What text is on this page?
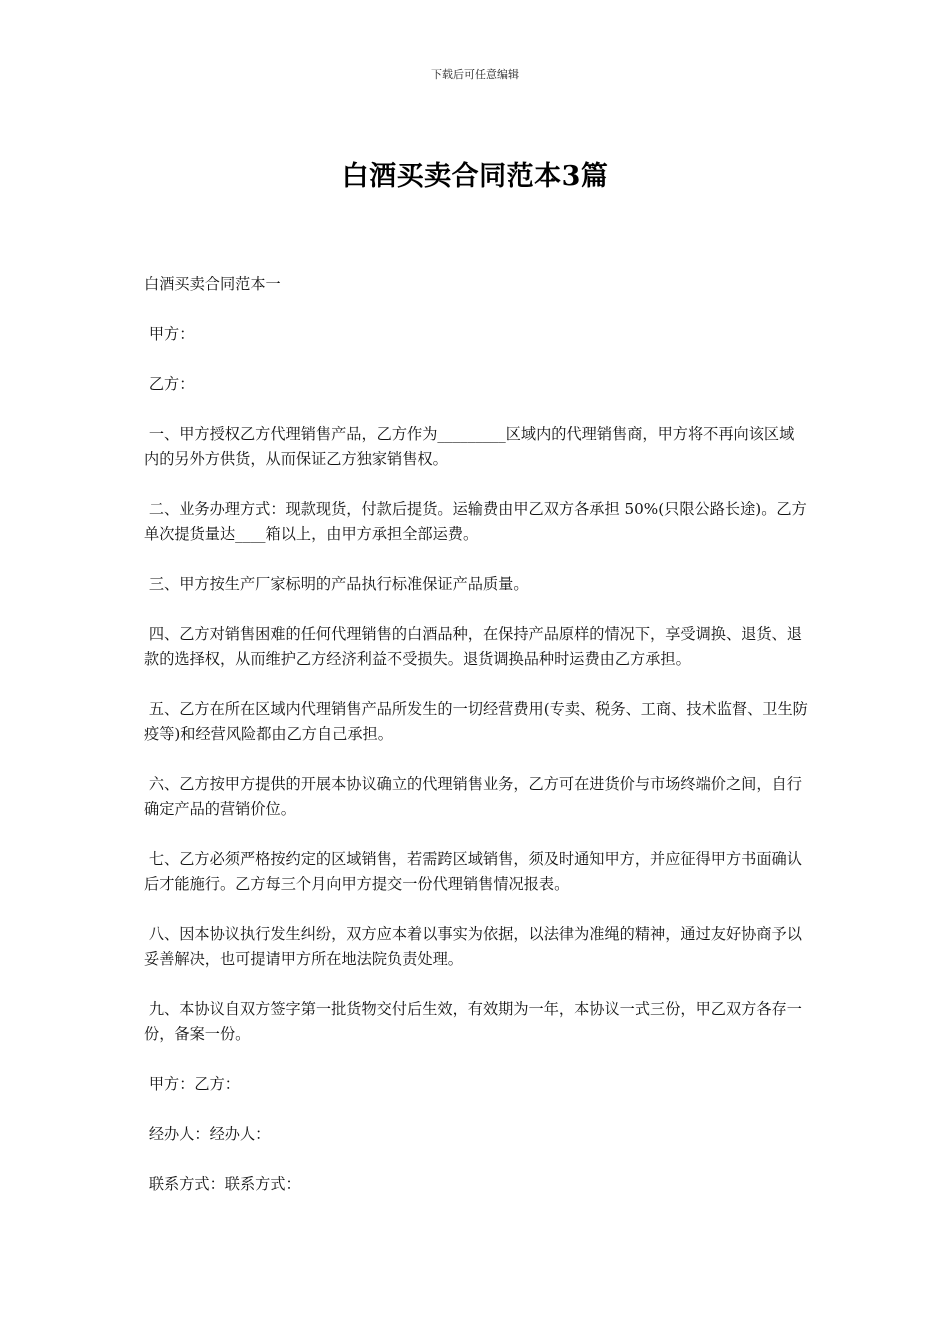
下载后可任意编辑
白酒买卖合同范本3篇

白酒买卖合同范本一

甲方：

乙方：

一、甲方授权乙方代理销售产品，乙方作为_________区域内的代理销售商，甲方将不再向该区域内的另外方供货，从而保证乙方独家销售权。

二、业务办理方式：现款现货，付款后提货。运输费由甲乙双方各承担 50%(只限公路长途)。乙方单次提货量达____箱以上，由甲方承担全部运费。

三、甲方按生产厂家标明的产品执行标准保证产品质量。

四、乙方对销售困难的任何代理销售的白酒品种，在保持产品原样的情况下，享受调换、退货、退款的选择权，从而维护乙方经济利益不受损失。退货调换品种时运费由乙方承担。

五、乙方在所在区域内代理销售产品所发生的一切经营费用(专卖、税务、工商、技术监督、卫生防疫等)和经营风险都由乙方自己承担。

六、乙方按甲方提供的开展本协议确立的代理销售业务，乙方可在进货价与市场终端价之间，自行确定产品的营销价位。

七、乙方必须严格按约定的区域销售，若需跨区域销售，须及时通知甲方，并应征得甲方书面确认后才能施行。乙方每三个月向甲方提交一份代理销售情况报表。

八、因本协议执行发生纠纷，双方应本着以事实为依据，以法律为准绳的精神，通过友好协商予以妥善解决，也可提请甲方所在地法院负责处理。

九、本协议自双方签字第一批货物交付后生效，有效期为一年，本协议一式三份，甲乙双方各存一份，备案一份。

甲方：乙方：

经办人：经办人：

联系方式：联系方式：
